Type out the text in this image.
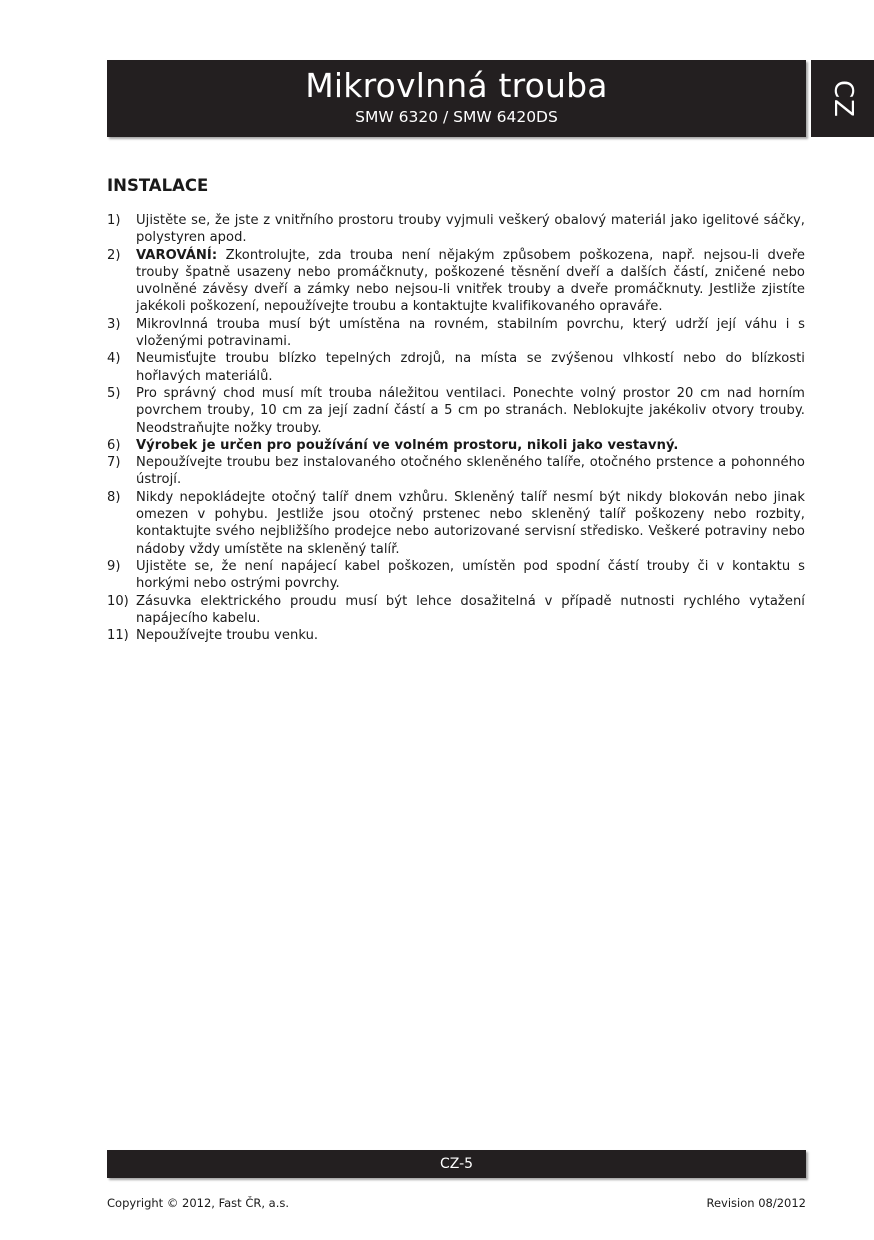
Mikrovlnná trouba
SMW 6320 / SMW 6420DS	CZ
INSTALACE
1) Ujistěte se, že jste z vnitřního prostoru trouby vyjmuli veškerý obalový materiál jako igelitové sáčky, polystyren apod.
2) VAROVÁNÍ: Zkontrolujte, zda trouba není nějakým způsobem poškozena, např. nejsou-li dveře trouby špatně usazeny nebo promáčknuty, poškozené těsnění dveří a dalších částí, zničené nebo uvolněné závěsy dveří a zámky nebo nejsou-li vnitřek trouby a dveře promáčknuty. Jestliže zjistíte jakékoli poškození, nepoužívejte troubu a kontaktujte kvalifikovaného opraváře.
3) Mikrovlnná trouba musí být umístěna na rovném, stabilním povrchu, který udrží její váhu i s vloženými potravinami.
4) Neumisťujte troubu blízko tepelných zdrojů, na místa se zvýšenou vlhkostí nebo do blízkosti hořlavých materiálů.
5) Pro správný chod musí mít trouba náležitou ventilaci. Ponechte volný prostor 20 cm nad horním povrchem trouby, 10 cm za její zadní částí a 5 cm po stranách. Neblokujte jakékoliv otvory trouby. Neodstraňujte nožky trouby.
6) Výrobek je určen pro používání ve volném prostoru, nikoli jako vestavný.
7) Nepoužívejte troubu bez instalovaného otočného skleněného talíře, otočného prstence a pohonného ústrojí.
8) Nikdy nepokládejte otočný talíř dnem vzhůru. Skleněný talíř nesmí být nikdy blokován nebo jinak omezen v pohybu. Jestliže jsou otočný prstenec nebo skleněný talíř poškozeny nebo rozbity, kontaktujte svého nejbližšího prodejce nebo autorizované servisní středisko. Veškeré potraviny nebo nádoby vždy umístěte na skleněný talíř.
9) Ujistěte se, že není napájecí kabel poškozen, umístěn pod spodní částí trouby či v kontaktu s horkými nebo ostrými povrchy.
10) Zásuvka elektrického proudu musí být lehce dosažitelná v případě nutnosti rychlého vytažení napájecího kabelu.
11) Nepoužívejte troubu venku.
CZ-5
Copyright © 2012, Fast ČR, a.s.	Revision 08/2012
